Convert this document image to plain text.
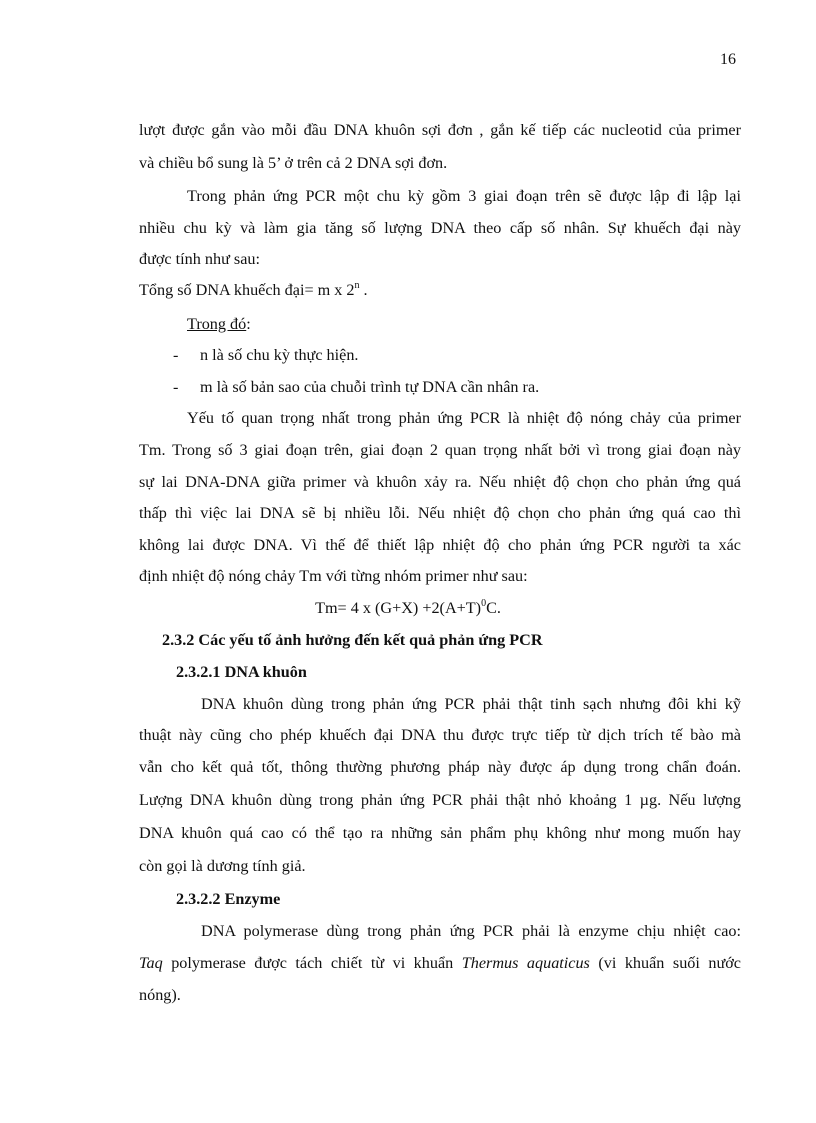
16
lượt được gắn vào mỗi đầu DNA khuôn sợi đơn , gắn kế tiếp các nucleotid của primer
và chiều bổ sung là 5’ ở trên cả 2 DNA sợi đơn.
Trong phản ứng PCR một chu kỳ gồm 3 giai đoạn trên sẽ được lập đi lập lại
nhiều chu kỳ và làm gia tăng số lượng DNA theo cấp số nhân. Sự khuếch đại này
được tính như sau:
Tổng số DNA khuếch đại= m x 2$^n$ .
Trong đó:
- n là số chu kỳ thực hiện.
- m là số bản sao của chuỗi trình tự DNA cần nhân ra.
Yếu tố quan trọng nhất trong phản ứng PCR là nhiệt độ nóng chảy của primer
Tm. Trong số 3 giai đoạn trên, giai đoạn 2 quan trọng nhất bởi vì trong giai đoạn này
sự lai DNA-DNA giữa primer và khuôn xảy ra. Nếu nhiệt độ chọn cho phản ứng quá
thấp thì việc lai DNA sẽ bị nhiều lỗi. Nếu nhiệt độ chọn cho phản ứng quá cao thì
không lai được DNA. Vì thế để thiết lập nhiệt độ cho phản ứng PCR người ta xác
định nhiệt độ nóng chảy Tm với từng nhóm primer như sau:
Tm= 4 x $(G+X) +2(A+T)^0C$.
2.3.2 Các yếu tố ảnh hưởng đến kết quả phản ứng PCR
2.3.2.1 DNA khuôn
DNA khuôn dùng trong phản ứng PCR phải thật tinh sạch nhưng đôi khi kỹ
thuật này cũng cho phép khuếch đại DNA thu được trực tiếp từ dịch trích tế bào mà
vẫn cho kết quả tốt, thông thường phương pháp này được áp dụng trong chẩn đoán.
Lượng DNA khuôn dùng trong phản ứng PCR phải thật nhỏ khoảng 1 µg. Nếu lượng
DNA khuôn quá cao có thể tạo ra những sản phẩm phụ không như mong muốn hay
còn gọi là dương tính giả.
2.3.2.2 Enzyme
DNA polymerase dùng trong phản ứng PCR phải là enzyme chịu nhiệt cao:
Taq polymerase được tách chiết từ vi khuẩn Thermus aquaticus (vi khuẩn suối nước
nóng).
